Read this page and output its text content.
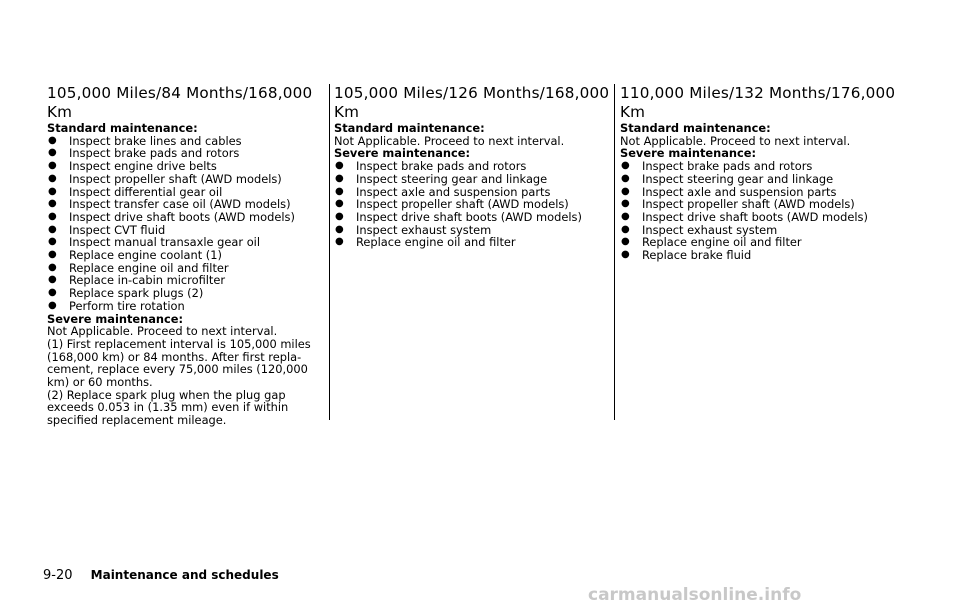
105,000 Miles/84 Months/168,000 Km
Standard maintenance:
● Inspect brake lines and cables
● Inspect brake pads and rotors
● Inspect engine drive belts
● Inspect propeller shaft (AWD models)
● Inspect differential gear oil
● Inspect transfer case oil (AWD models)
● Inspect drive shaft boots (AWD models)
● Inspect CVT fluid
● Inspect manual transaxle gear oil
● Replace engine coolant (1)
● Replace engine oil and filter
● Replace in-cabin microfilter
● Replace spark plugs (2)
● Perform tire rotation
Severe maintenance:
Not Applicable. Proceed to next interval.
(1) First replacement interval is 105,000 miles
(168,000 km) or 84 months. After first repla-
cement, replace every 75,000 miles (120,000
km) or 60 months.
(2) Replace spark plug when the plug gap
exceeds 0.053 in (1.35 mm) even if within
specified replacement mileage.
105,000 Miles/126 Months/168,000 Km
Standard maintenance:
Not Applicable. Proceed to next interval.
Severe maintenance:
● Inspect brake pads and rotors
● Inspect steering gear and linkage
● Inspect axle and suspension parts
● Inspect propeller shaft (AWD models)
● Inspect drive shaft boots (AWD models)
● Inspect exhaust system
● Replace engine oil and filter
110,000 Miles/132 Months/176,000 Km
Standard maintenance:
Not Applicable. Proceed to next interval.
Severe maintenance:
● Inspect brake pads and rotors
● Inspect steering gear and linkage
● Inspect axle and suspension parts
● Inspect propeller shaft (AWD models)
● Inspect drive shaft boots (AWD models)
● Inspect exhaust system
● Replace engine oil and filter
● Replace brake fluid
9-20 Maintenance and schedules
carmanualsonline.info
